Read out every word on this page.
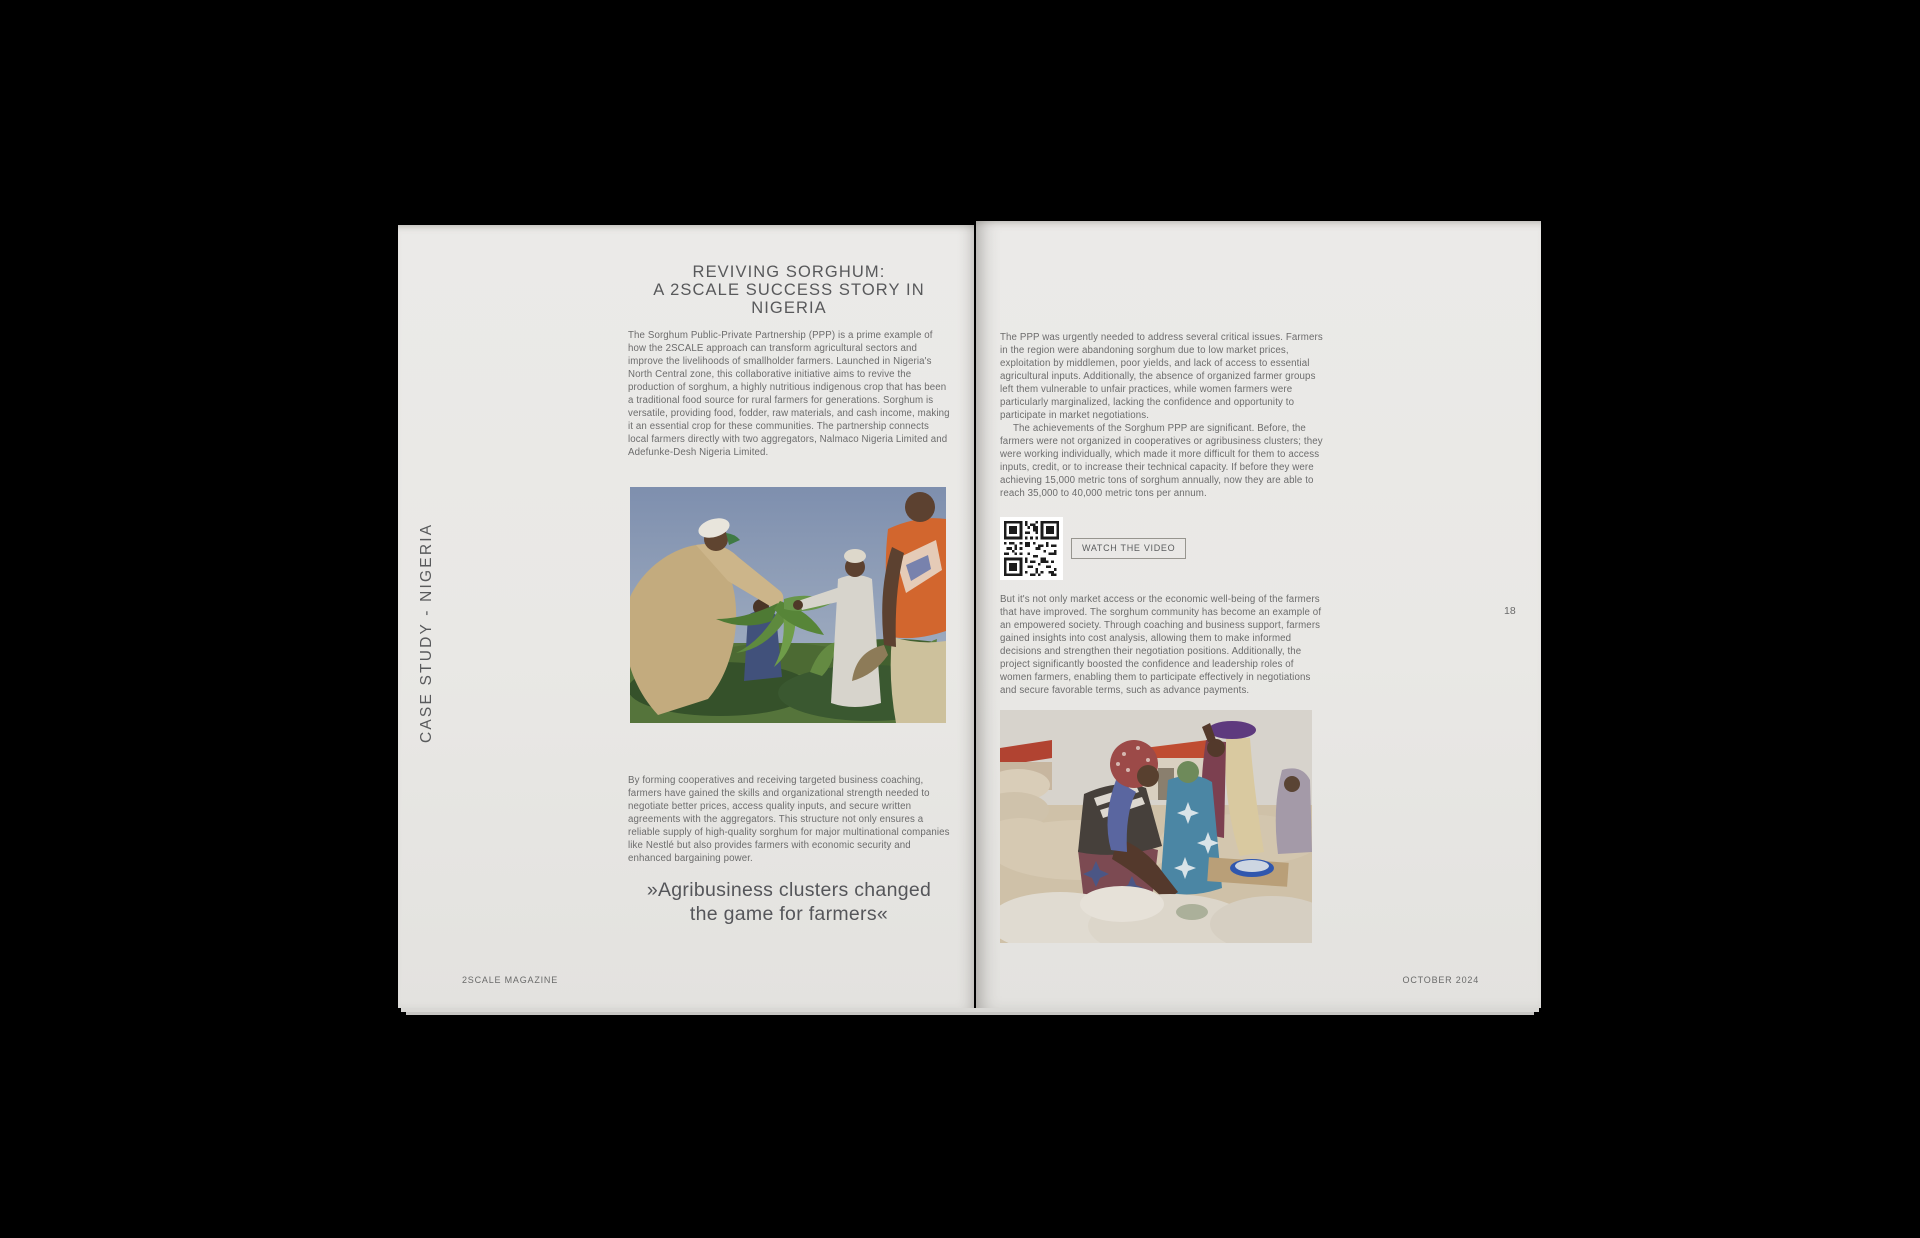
CASE STUDY - NIGERIA
REVIVING SORGHUM:
A 2SCALE SUCCESS STORY IN NIGERIA

The Sorghum Public-Private Partnership (PPP) is a prime example of how the 2SCALE approach can transform agricultural sectors and improve the livelihoods of smallholder farmers. Launched in Nigeria's North Central zone, this collaborative initiative aims to revive the production of sorghum, a highly nutritious indigenous crop that has been a traditional food source for rural farmers for generations. Sorghum is versatile, providing food, fodder, raw materials, and cash income, making it an essential crop for these communities. The partnership connects local farmers directly with two aggregators, Nalmaco Nigeria Limited and Adefunke-Desh Nigeria Limited.

By forming cooperatives and receiving targeted business coaching, farmers have gained the skills and organizational strength needed to negotiate better prices, access quality inputs, and secure written agreements with the aggregators. This structure not only ensures a reliable supply of high-quality sorghum for major multinational companies like Nestlé but also provides farmers with economic security and enhanced bargaining power.

»Agribusiness clusters changed the game for farmers«
2SCALE MAGAZINE

The PPP was urgently needed to address several critical issues. Farmers in the region were abandoning sorghum due to low market prices, exploitation by middlemen, poor yields, and lack of access to essential agricultural inputs. Additionally, the absence of organized farmer groups left them vulnerable to unfair practices, while women farmers were particularly marginalized, lacking the confidence and opportunity to participate in market negotiations.

The achievements of the Sorghum PPP are significant. Before, the farmers were not organized in cooperatives or agribusiness clusters; they were working individually, which made it more difficult for them to access inputs, credit, or to increase their technical capacity. If before they were achieving 15,000 metric tons of sorghum annually, now they are able to reach 35,000 to 40,000 metric tons per annum.

WATCH THE VIDEO

But it's not only market access or the economic well-being of the farmers that have improved. The sorghum community has become an example of an empowered society. Through coaching and business support, farmers gained insights into cost analysis, allowing them to make informed decisions and strengthen their negotiation positions. Additionally, the project significantly boosted the confidence and leadership roles of women farmers, enabling them to participate effectively in negotiations and secure favorable terms, such as advance payments.

18
OCTOBER 2024
